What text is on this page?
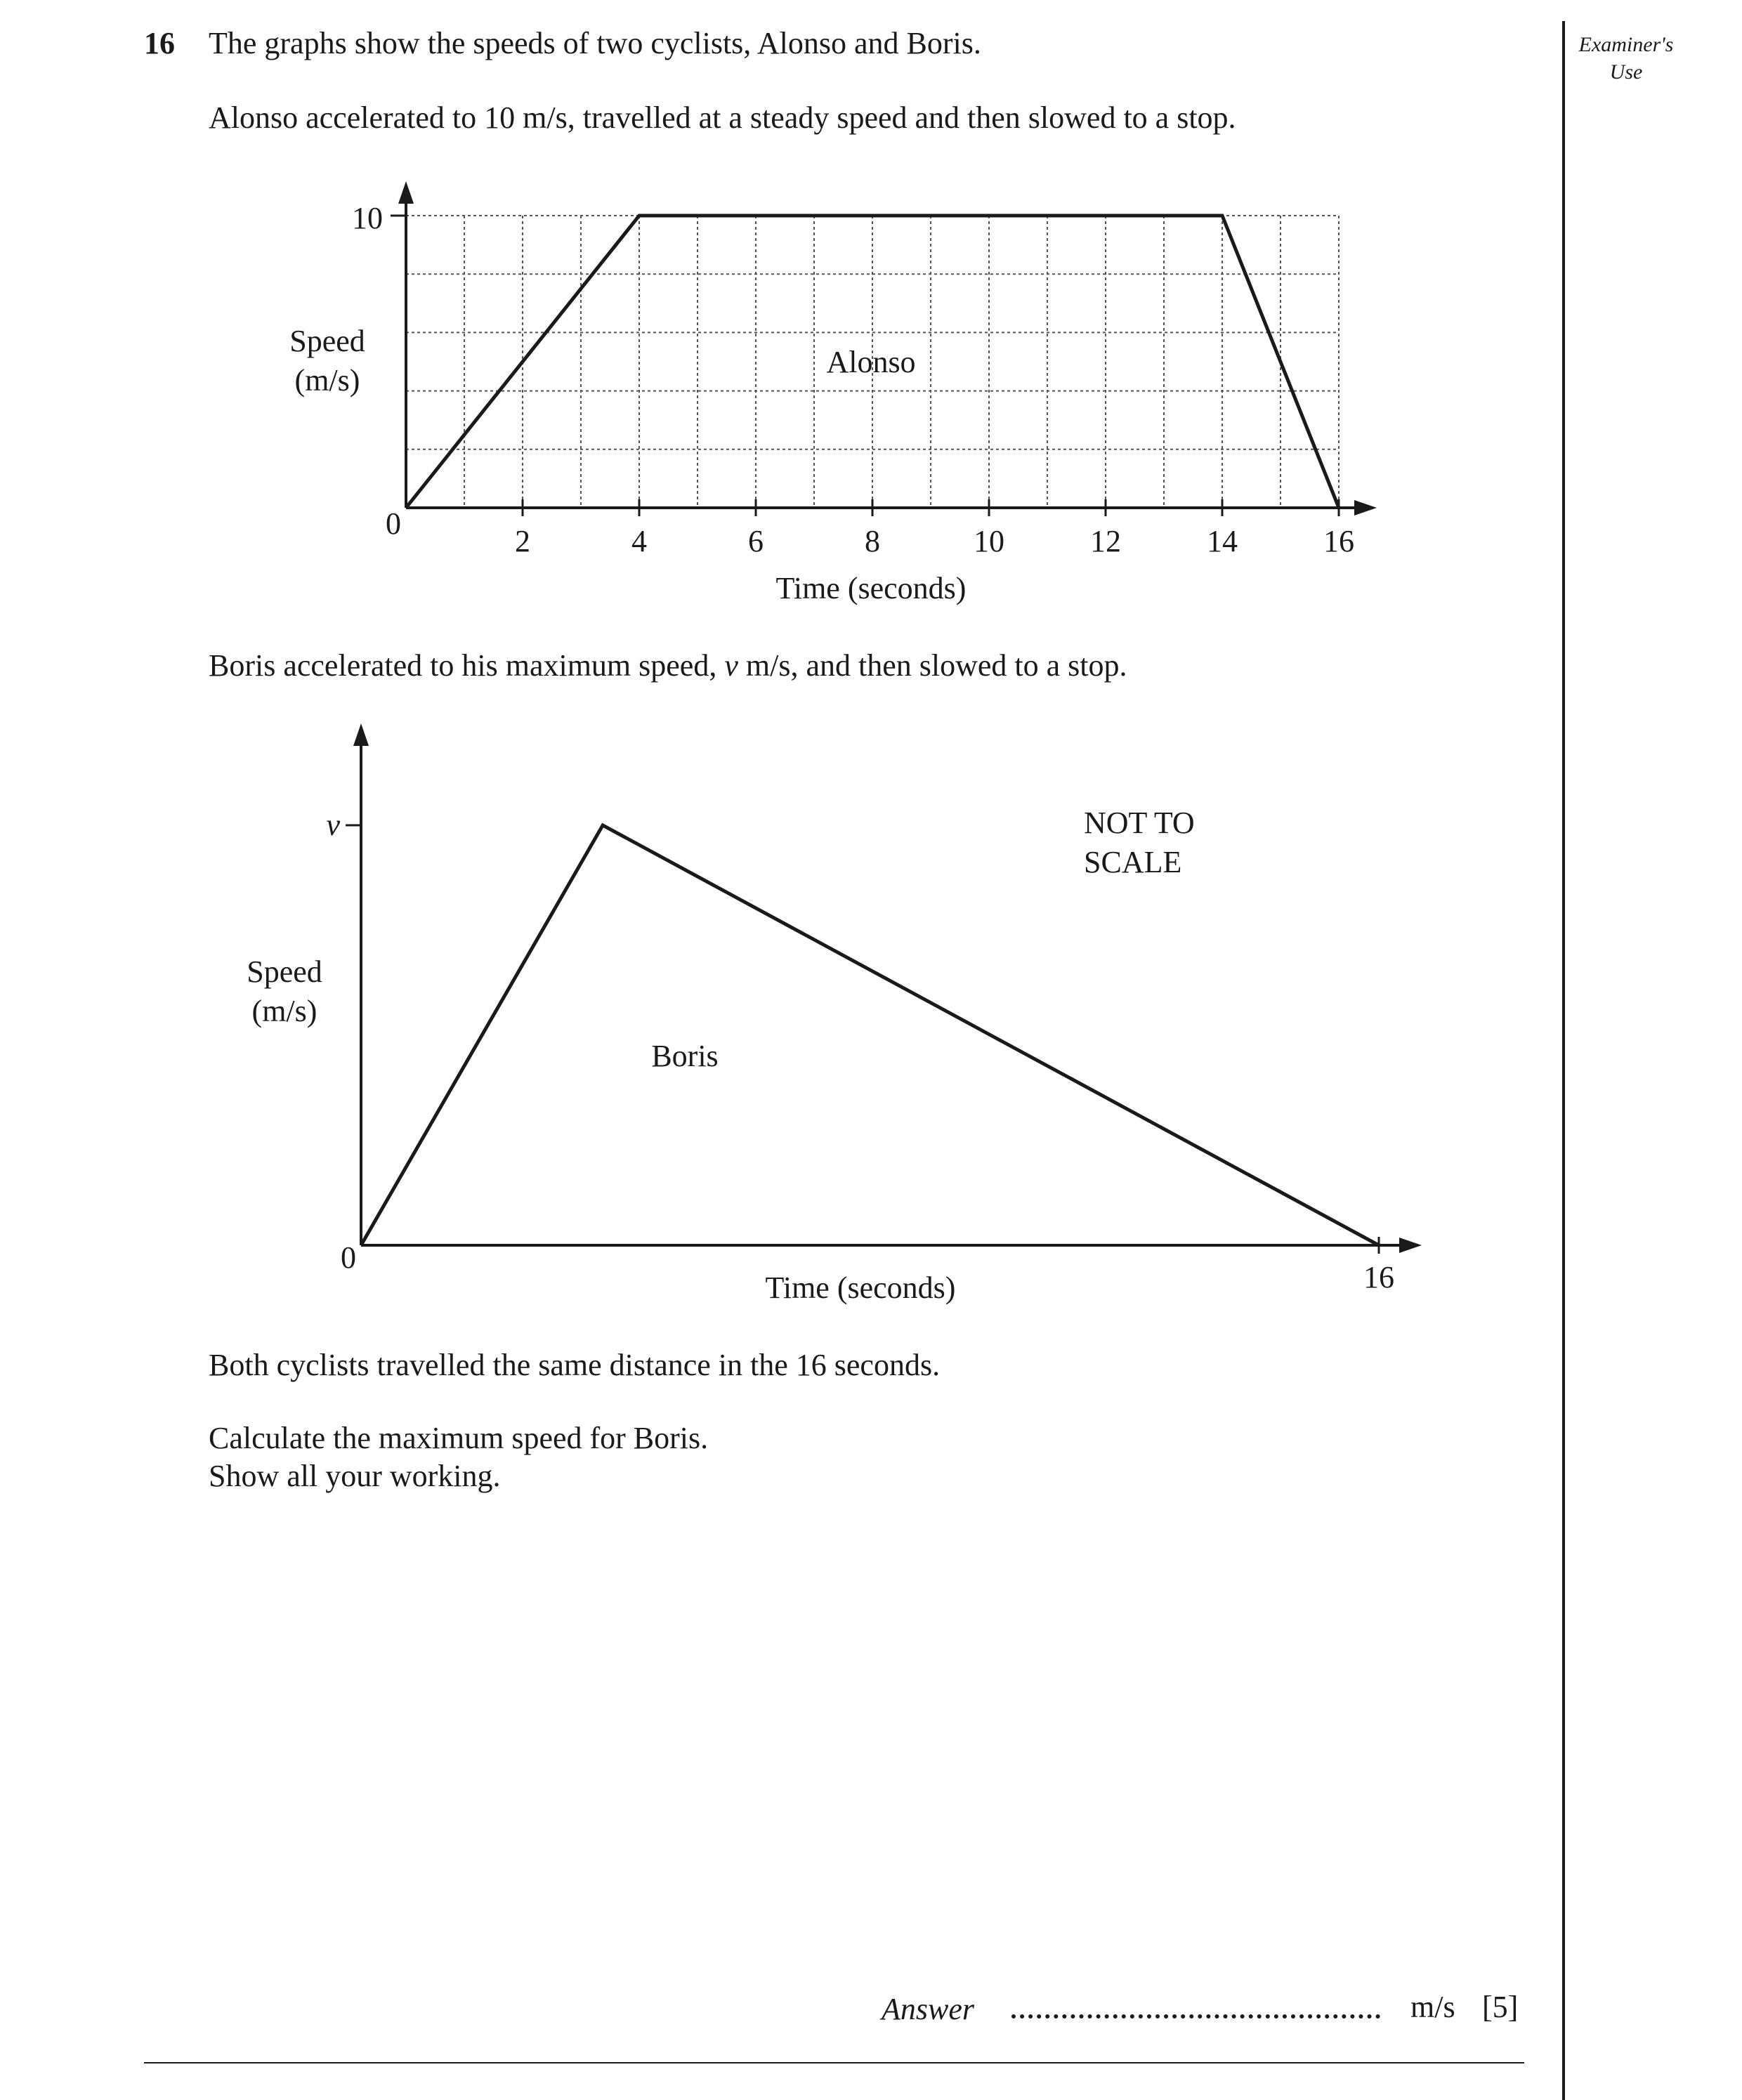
16 The graphs show the speeds of two cyclists, Alonso and Boris.
Alonso accelerated to 10 m/s, travelled at a steady speed and then slowed to a stop.
Examiner's
Use
2	4	6	8	10	12	14	16
Alonso
Speed
(m/s)
Time (seconds)
0
10
Boris accelerated to his maximum speed, v m/s, and then slowed to a stop.
16
v
Boris
Speed
(m/s)
Time (seconds)
0
NOT TO
SCALE
Both cyclists travelled the same distance in the 16 seconds.
Calculate the maximum speed for Boris.
Show all your working.
Answer	m/s [5]
